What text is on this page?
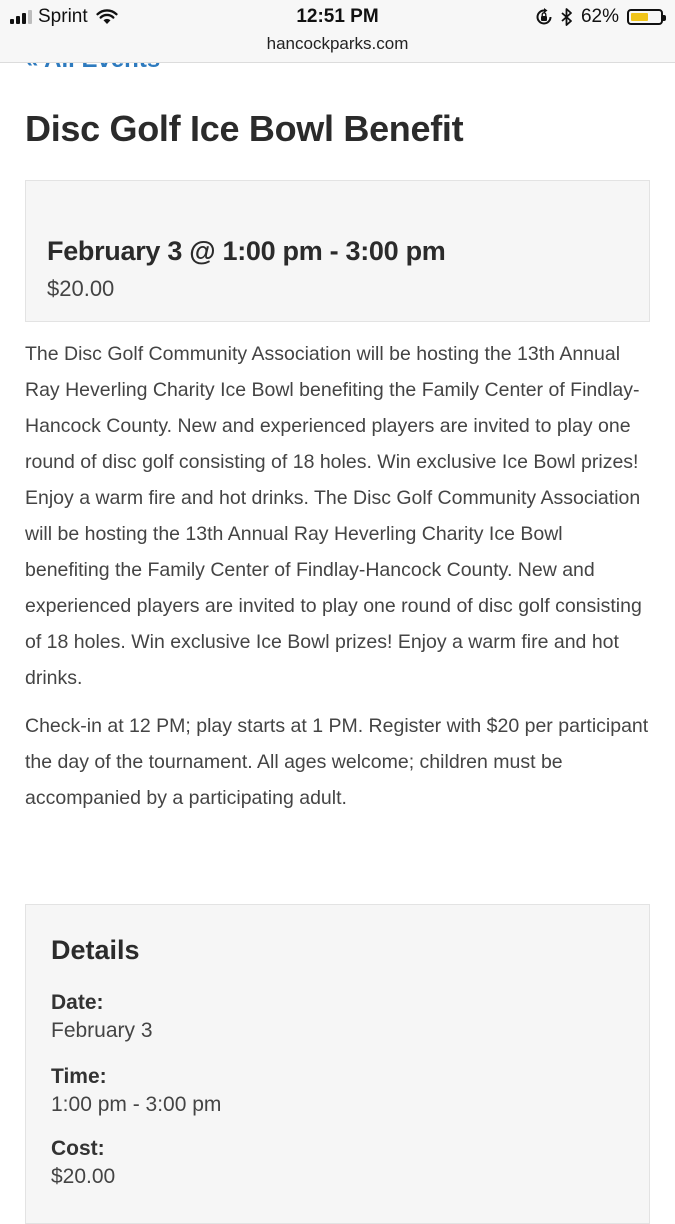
Sprint	12:51 PM	62%
hancockparks.com
Disc Golf Ice Bowl Benefit
February 3 @ 1:00 pm - 3:00 pm
$20.00

The Disc Golf Community Association will be hosting the 13th Annual Ray Heverling Charity Ice Bowl benefiting the Family Center of Findlay-Hancock County. New and experienced players are invited to play one round of disc golf consisting of 18 holes. Win exclusive Ice Bowl prizes! Enjoy a warm fire and hot drinks. The Disc Golf Community Association will be hosting the 13th Annual Ray Heverling Charity Ice Bowl benefiting the Family Center of Findlay-Hancock County. New and experienced players are invited to play one round of disc golf consisting of 18 holes. Win exclusive Ice Bowl prizes! Enjoy a warm fire and hot drinks.

Check-in at 12 PM; play starts at 1 PM. Register with $20 per participant the day of the tournament. All ages welcome; children must be accompanied by a participating adult.

Details
Date:
February 3
Time:
1:00 pm - 3:00 pm
Cost:
$20.00
